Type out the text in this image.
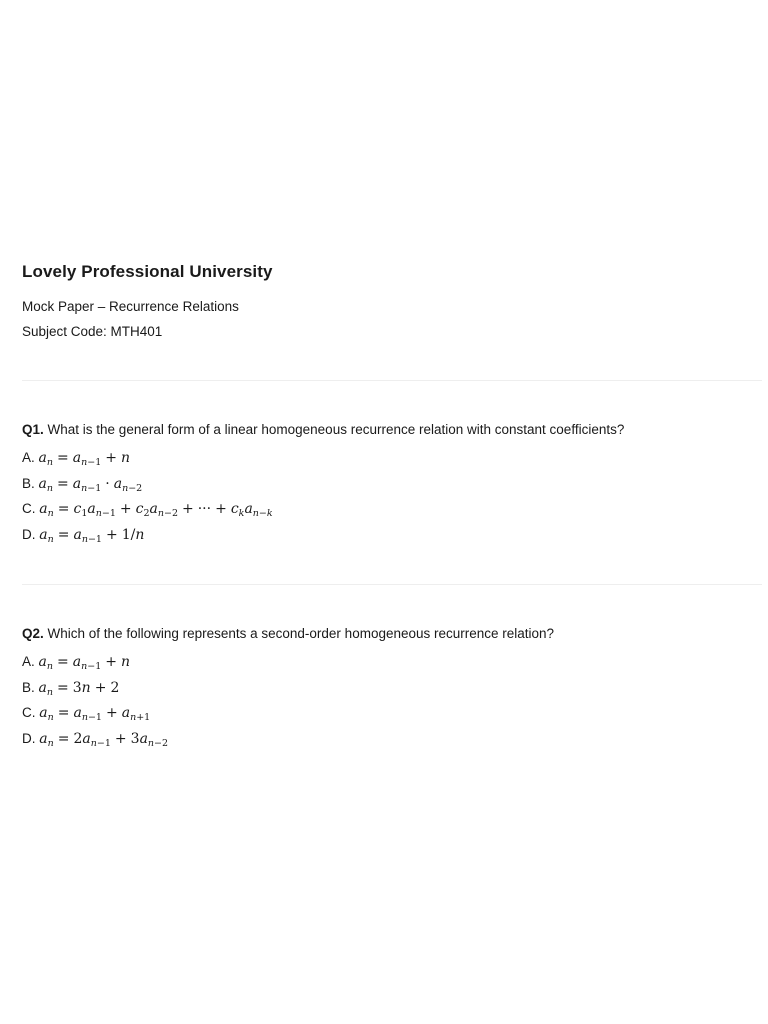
Lovely Professional University

Mock Paper – Recurrence Relations

Subject Code: MTH401

Q1. What is the general form of a linear homogeneous recurrence relation with constant coefficients?

A. $a_n = a_{n-1} + n$
B. $a_n = a_{n-1} \cdot a_{n-2}$
C. $a_n = c_1a_{n-1} + c_2a_{n-2}$ + ··· + $c_ka_{n-k}$
D. $a_n = a_{n-1} + 1/n$

Q2. Which of the following represents a second-order homogeneous recurrence relation?

A. $a_n = a_{n-1} + n$
B. $a_n = 3n + 2$
C. $a_n = a_{n-1} + a_{n+1}$
D. $a_n = 2a_{n-1} + 3a_{n-2}$
